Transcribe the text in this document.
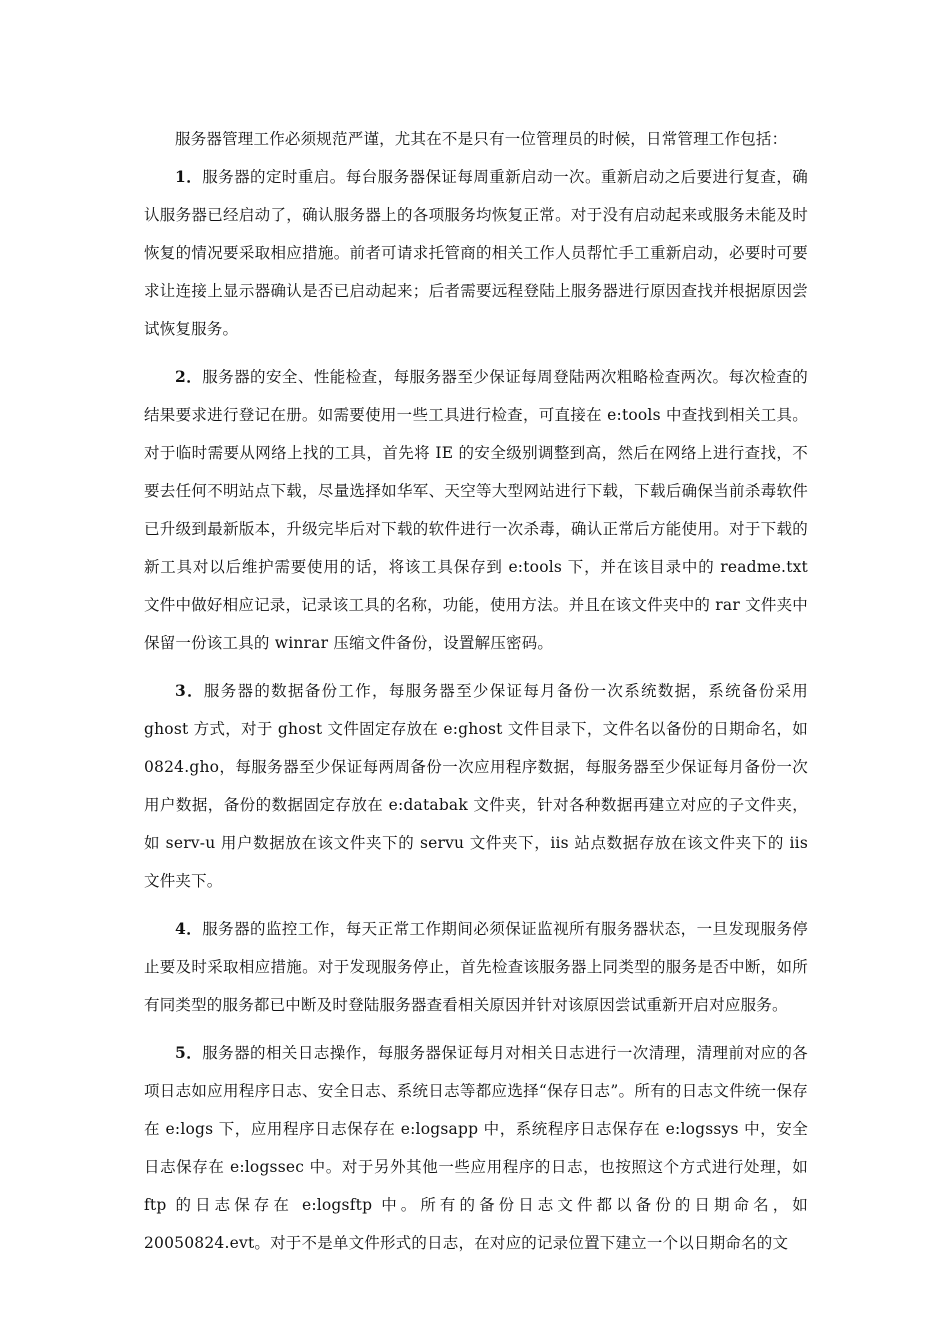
服务器管理工作必须规范严谨，尤其在不是只有一位管理员的时候，日常管理工作包括：

1．服务器的定时重启。每台服务器保证每周重新启动一次。重新启动之后要进行复查，确认服务器已经启动了，确认服务器上的各项服务均恢复正常。对于没有启动起来或服务未能及时恢复的情况要采取相应措施。前者可请求托管商的相关工作人员帮忙手工重新启动，必要时可要求让连接上显示器确认是否已启动起来；后者需要远程登陆上服务器进行原因查找并根据原因尝试恢复服务。

2．服务器的安全、性能检查，每服务器至少保证每周登陆两次粗略检查两次。每次检查的结果要求进行登记在册。如需要使用一些工具进行检查，可直接在 e:tools 中查找到相关工具。对于临时需要从网络上找的工具，首先将 IE 的安全级别调整到高，然后在网络上进行查找，不要去任何不明站点下载，尽量选择如华军、天空等大型网站进行下载，下载后确保当前杀毒软件已升级到最新版本，升级完毕后对下载的软件进行一次杀毒，确认正常后方能使用。对于下载的新工具对以后维护需要使用的话，将该工具保存到 e:tools 下，并在该目录中的 readme.txt 文件中做好相应记录，记录该工具的名称，功能，使用方法。并且在该文件夹中的 rar 文件夹中保留一份该工具的 winrar 压缩文件备份，设置解压密码。

3．服务器的数据备份工作，每服务器至少保证每月备份一次系统数据，系统备份采用 ghost 方式，对于 ghost 文件固定存放在 e:ghost 文件目录下，文件名以备份的日期命名，如 0824.gho，每服务器至少保证每两周备份一次应用程序数据，每服务器至少保证每月备份一次用户数据，备份的数据固定存放在 e:databak 文件夹，针对各种数据再建立对应的子文件夹，如 serv-u 用户数据放在该文件夹下的 servu 文件夹下，iis 站点数据存放在该文件夹下的 iis 文件夹下。

4．服务器的监控工作，每天正常工作期间必须保证监视所有服务器状态，一旦发现服务停止要及时采取相应措施。对于发现服务停止，首先检查该服务器上同类型的服务是否中断，如所有同类型的服务都已中断及时登陆服务器查看相关原因并针对该原因尝试重新开启对应服务。

5．服务器的相关日志操作，每服务器保证每月对相关日志进行一次清理，清理前对应的各项日志如应用程序日志、安全日志、系统日志等都应选择“保存日志”。所有的日志文件统一保存在 e:logs 下，应用程序日志保存在 e:logsapp 中，系统程序日志保存在 e:logssys 中，安全日志保存在 e:logssec 中。对于另外其他一些应用程序的日志，也按照这个方式进行处理，如 ftp 的日志保存在 e:logsftp 中。所有的备份日志文件都以备份的日期命名，如 20050824.evt。对于不是单文件形式的日志，在对应的记录位置下建立一个以日期命名的文
